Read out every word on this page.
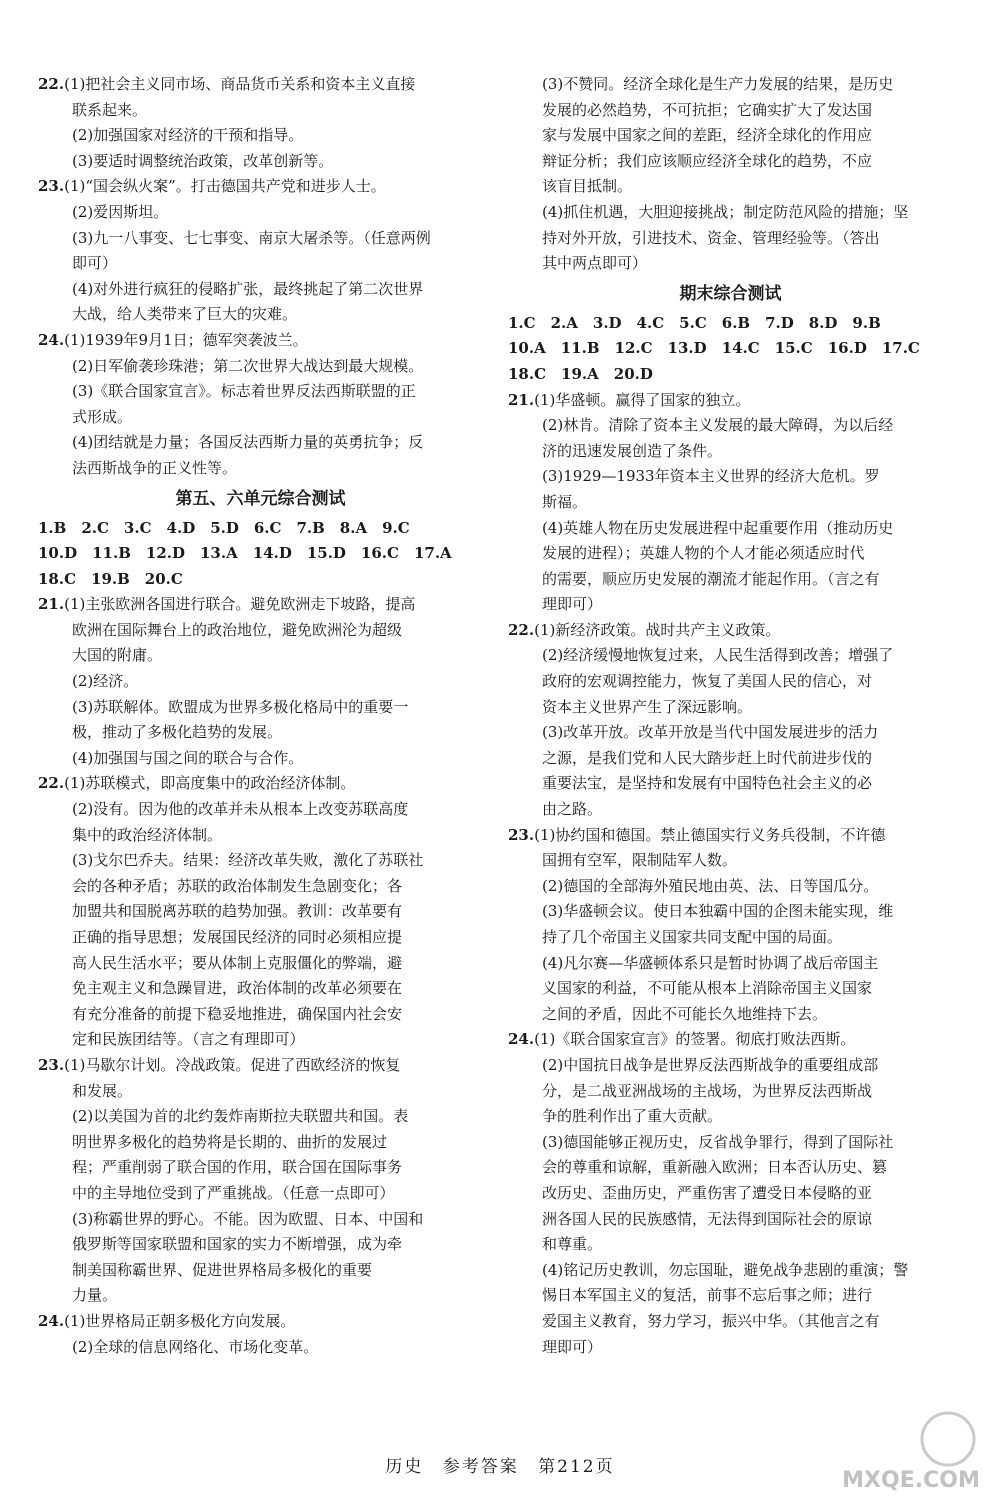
22.(1)把社会主义同市场、商品货币关系和资本主义直接
联系起来。
(2)加强国家对经济的干预和指导。
(3)要适时调整统治政策，改革创新等。
23.(1)“国会纵火案”。打击德国共产党和进步人士。
(2)爱因斯坦。
(3)九一八事变、七七事变、南京大屠杀等。（任意两例
即可）
(4)对外进行疯狂的侵略扩张，最终挑起了第二次世界
大战，给人类带来了巨大的灾难。
24.(1)1939年9月1日；德军突袭波兰。
(2)日军偷袭珍珠港；第二次世界大战达到最大规模。
(3)《联合国家宣言》。标志着世界反法西斯联盟的正
式形成。
(4)团结就是力量；各国反法西斯力量的英勇抗争；反
法西斯战争的正义性等。
第五、六单元综合测试
1.B　2.C　3.C　4.D　5.D　6.C　7.B　8.A　9.C
10.D　11.B　12.D　13.A　14.D　15.D　16.C　17.A
18.C　19.B　20.C
21.(1)主张欧洲各国进行联合。避免欧洲走下坡路，提高
欧洲在国际舞台上的政治地位，避免欧洲沦为超级
大国的附庸。
(2)经济。
(3)苏联解体。欧盟成为世界多极化格局中的重要一
极，推动了多极化趋势的发展。
(4)加强国与国之间的联合与合作。
22.(1)苏联模式，即高度集中的政治经济体制。
(2)没有。因为他的改革并未从根本上改变苏联高度
集中的政治经济体制。
(3)戈尔巴乔夫。结果：经济改革失败，激化了苏联社
会的各种矛盾；苏联的政治体制发生急剧变化；各
加盟共和国脱离苏联的趋势加强。教训：改革要有
正确的指导思想；发展国民经济的同时必须相应提
高人民生活水平；要从体制上克服僵化的弊端，避
免主观主义和急躁冒进，政治体制的改革必须要在
有充分准备的前提下稳妥地推进，确保国内社会安
定和民族团结等。（言之有理即可）
23.(1)马歇尔计划。冷战政策。促进了西欧经济的恢复
和发展。
(2)以美国为首的北约轰炸南斯拉夫联盟共和国。表
明世界多极化的趋势将是长期的、曲折的发展过
程；严重削弱了联合国的作用，联合国在国际事务
中的主导地位受到了严重挑战。（任意一点即可）
(3)称霸世界的野心。不能。因为欧盟、日本、中国和
俄罗斯等国家联盟和国家的实力不断增强，成为牵
制美国称霸世界、促进世界格局多极化的重要
力量。
24.(1)世界格局正朝多极化方向发展。
(2)全球的信息网络化、市场化变革。
(3)不赞同。经济全球化是生产力发展的结果，是历史
发展的必然趋势，不可抗拒；它确实扩大了发达国
家与发展中国家之间的差距，经济全球化的作用应
辩证分析；我们应该顺应经济全球化的趋势，不应
该盲目抵制。
(4)抓住机遇，大胆迎接挑战；制定防范风险的措施；坚
持对外开放，引进技术、资金、管理经验等。（答出
其中两点即可）
期末综合测试
1.C　2.A　3.D　4.C　5.C　6.B　7.D　8.D　9.B
10.A　11.B　12.C　13.D　14.C　15.C　16.D　17.C
18.C　19.A　20.D
21.(1)华盛顿。赢得了国家的独立。
(2)林肯。清除了资本主义发展的最大障碍，为以后经
济的迅速发展创造了条件。
(3)1929—1933年资本主义世界的经济大危机。罗
斯福。
(4)英雄人物在历史发展进程中起重要作用（推动历史
发展的进程）；英雄人物的个人才能必须适应时代
的需要，顺应历史发展的潮流才能起作用。（言之有
理即可）
22.(1)新经济政策。战时共产主义政策。
(2)经济缓慢地恢复过来，人民生活得到改善；增强了
政府的宏观调控能力，恢复了美国人民的信心，对
资本主义世界产生了深远影响。
(3)改革开放。改革开放是当代中国发展进步的活力
之源，是我们党和人民大踏步赶上时代前进步伐的
重要法宝，是坚持和发展有中国特色社会主义的必
由之路。
23.(1)协约国和德国。禁止德国实行义务兵役制，不许德
国拥有空军，限制陆军人数。
(2)德国的全部海外殖民地由英、法、日等国瓜分。
(3)华盛顿会议。使日本独霸中国的企图未能实现，维
持了几个帝国主义国家共同支配中国的局面。
(4)凡尔赛—华盛顿体系只是暂时协调了战后帝国主
义国家的利益，不可能从根本上消除帝国主义国家
之间的矛盾，因此不可能长久地维持下去。
24.(1)《联合国家宣言》的签署。彻底打败法西斯。
(2)中国抗日战争是世界反法西斯战争的重要组成部
分，是二战亚洲战场的主战场，为世界反法西斯战
争的胜利作出了重大贡献。
(3)德国能够正视历史，反省战争罪行，得到了国际社
会的尊重和谅解，重新融入欧洲；日本否认历史、篡
改历史、歪曲历史，严重伤害了遭受日本侵略的亚
洲各国人民的民族感情，无法得到国际社会的原谅
和尊重。
(4)铭记历史教训，勿忘国耻，避免战争悲剧的重演；警
惕日本军国主义的复活，前事不忘后事之师；进行
爱国主义教育，努力学习，振兴中华。（其他言之有
理即可）
历史 参考答案 第212页
MXQE.COM
